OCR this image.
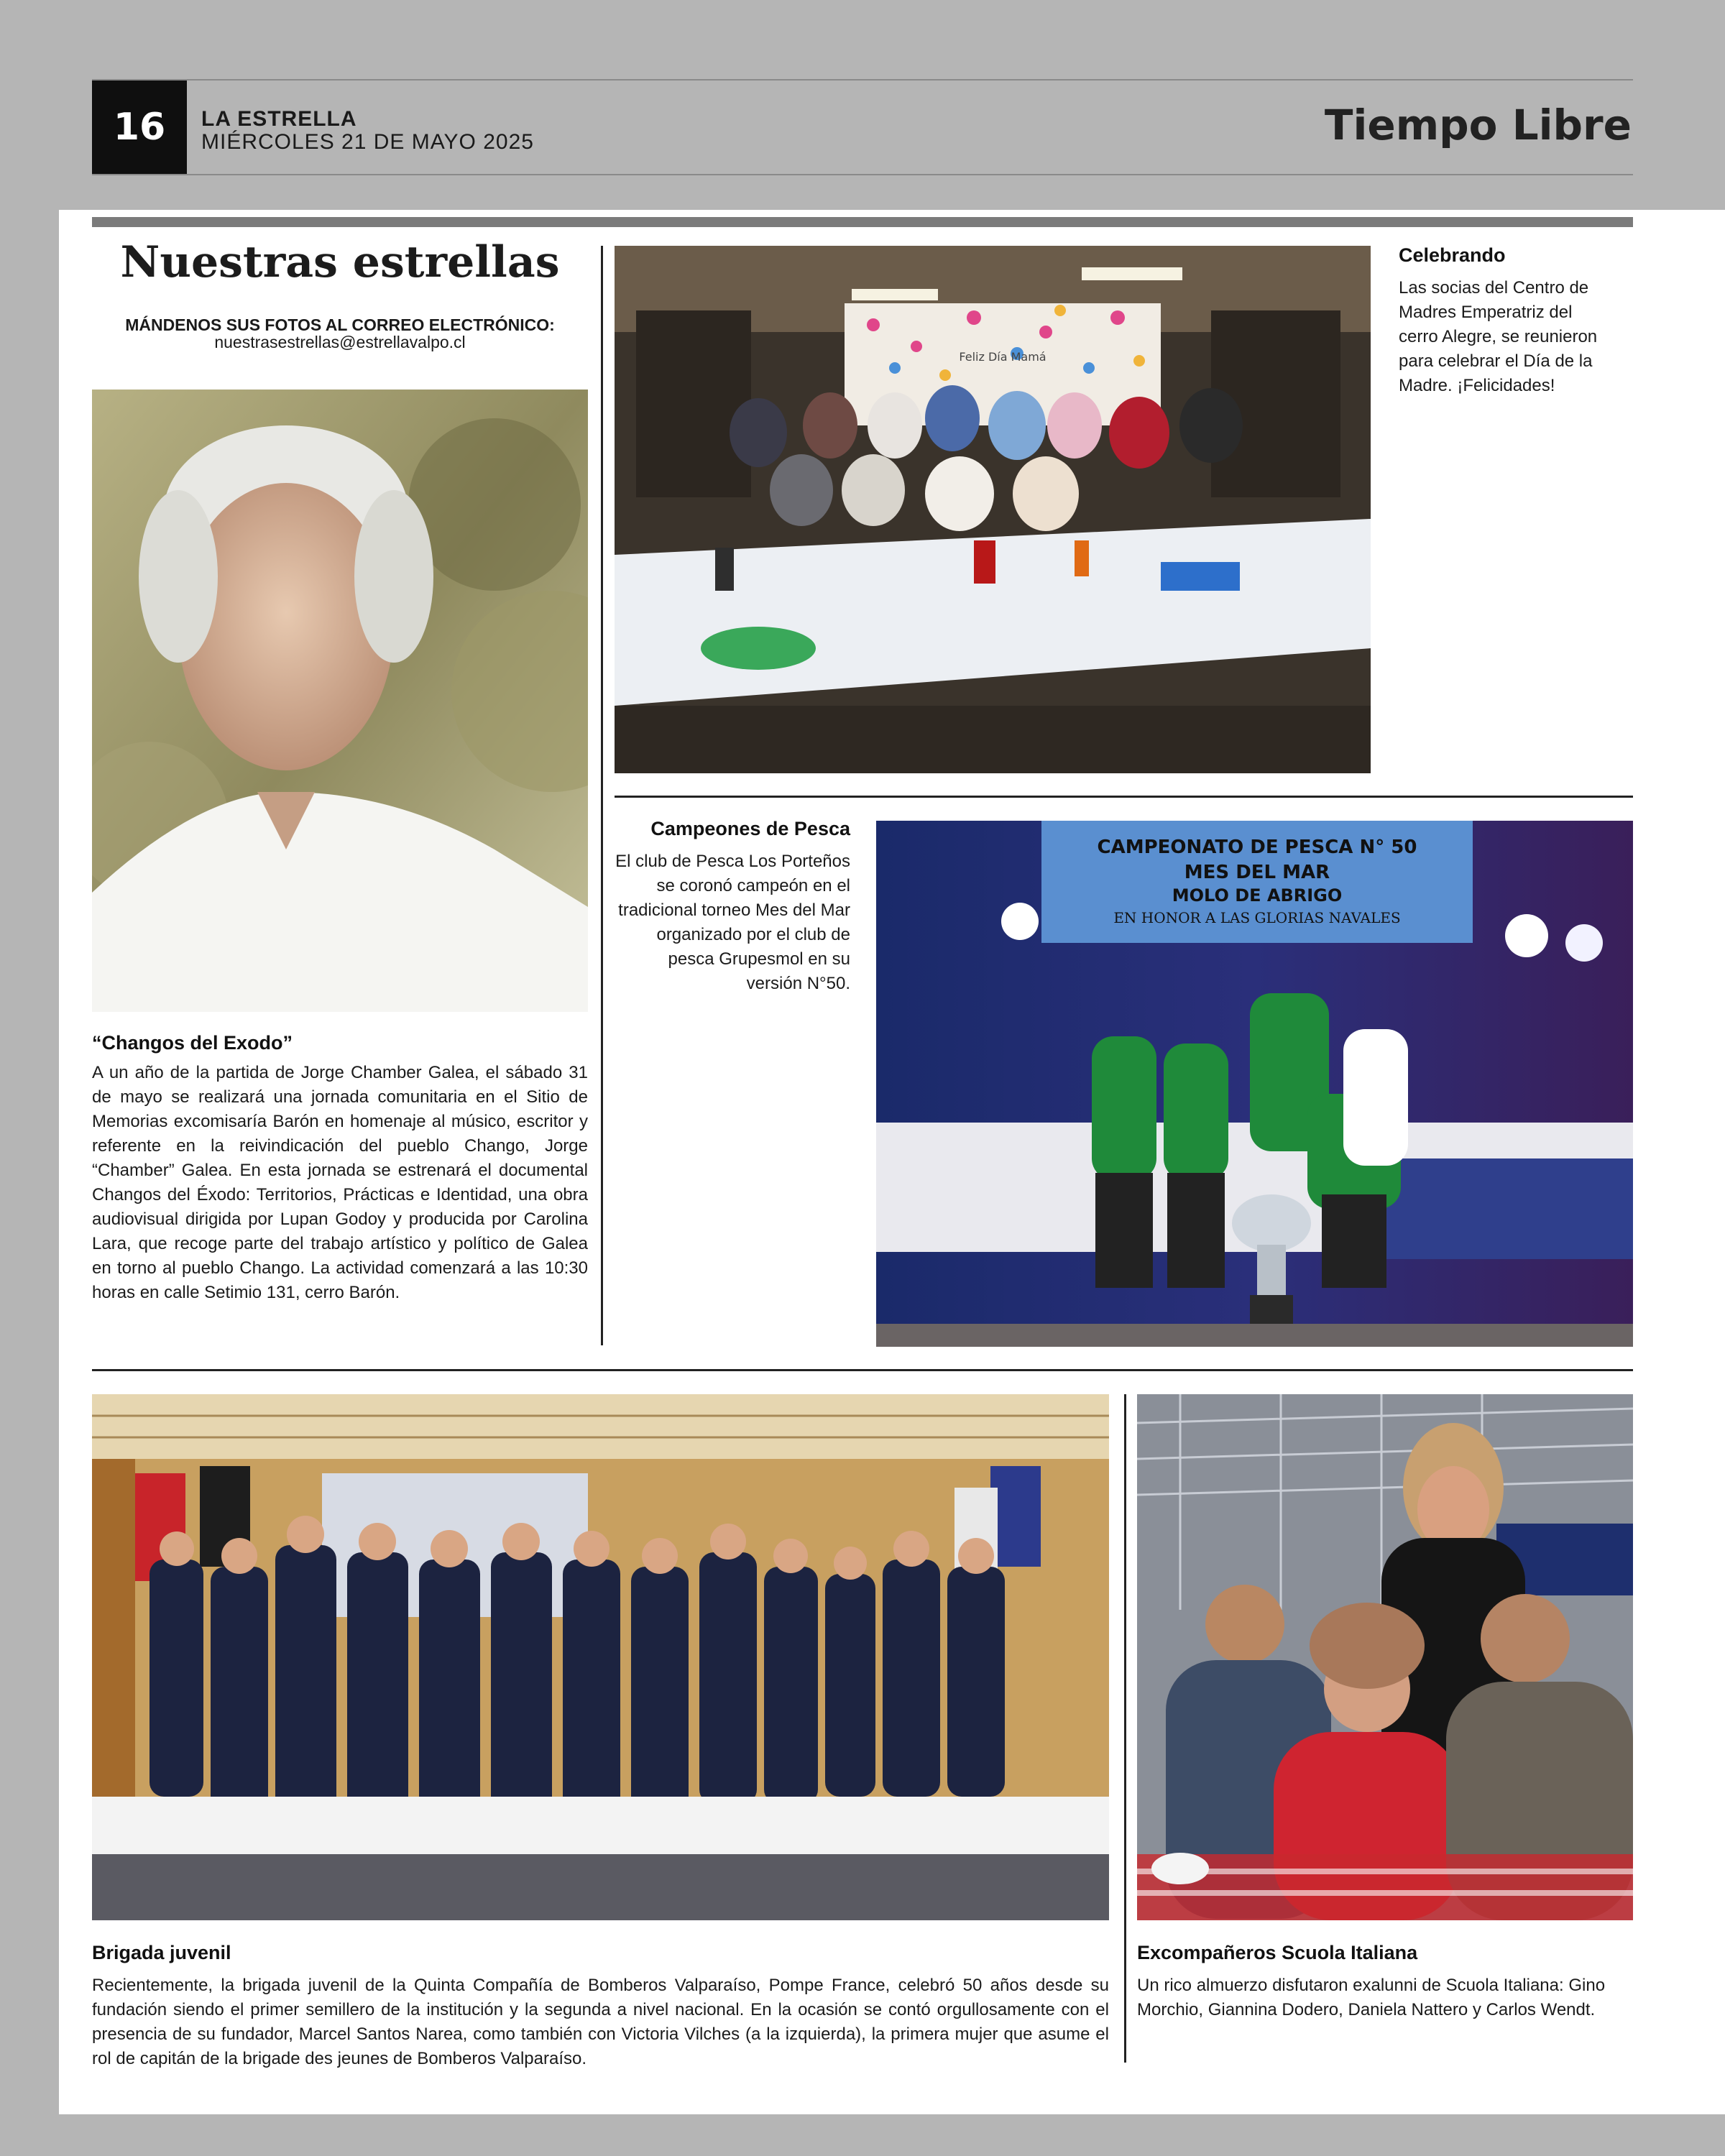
16	LA ESTRELLA
MIÉRCOLES 21 DE MAYO 2025	Tiempo Libre
Nuestras estrellas
MÁNDENOS SUS FOTOS AL CORREO ELECTRÓNICO:
nuestrasestrellas@estrellavalpo.cl
“Changos del Exodo”
A un año de la partida de Jorge Chamber Galea, el sábado 31 de mayo se realizará una jornada comunitaria en el Sitio de Memorias excomisaría Barón en homenaje al músico, escritor y referente en la reivindicación del pueblo Chango, Jorge “Chamber” Galea. En esta jornada se estrenará el documental Changos del Éxodo: Territorios, Prácticas e Identidad, una obra audiovisual dirigida por Lupan Godoy y producida por Carolina Lara, que recoge parte del trabajo artístico y político de Galea en torno al pueblo Chango. La actividad comenzará a las 10:30 horas en calle Setimio 131, cerro Barón.
Feliz Día Mamá
Celebrando
Las socias del Centro de Madres Emperatriz del cerro Alegre, se reunieron para celebrar el Día de la Madre. ¡Felicidades!
Campeones de Pesca
El club de Pesca Los Porteños se coronó campeón en el tradicional torneo Mes del Mar organizado por el club de pesca Grupesmol en su versión N°50.
CAMPEONATO DE PESCA N° 50
MES DEL MAR
MOLO DE ABRIGO
EN HONOR A LAS GLORIAS NAVALES
Brigada juvenil
Recientemente, la brigada juvenil de la Quinta Compañía de Bomberos Valparaíso, Pompe France, celebró 50 años desde su fundación siendo el primer semillero de la institución y la segunda a nivel nacional. En la ocasión se contó orgullosamente con el presencia de su fundador, Marcel Santos Narea, como también con Victoria Vilches (a la izquierda), la primera mujer que asume el rol de capitán de la brigade des jeunes de Bomberos Valparaíso.
Excompañeros Scuola Italiana
Un rico almuerzo disfutaron exalunni de Scuola Italiana: Gino Morchio, Giannina Dodero, Daniela Nattero y Carlos Wendt.
